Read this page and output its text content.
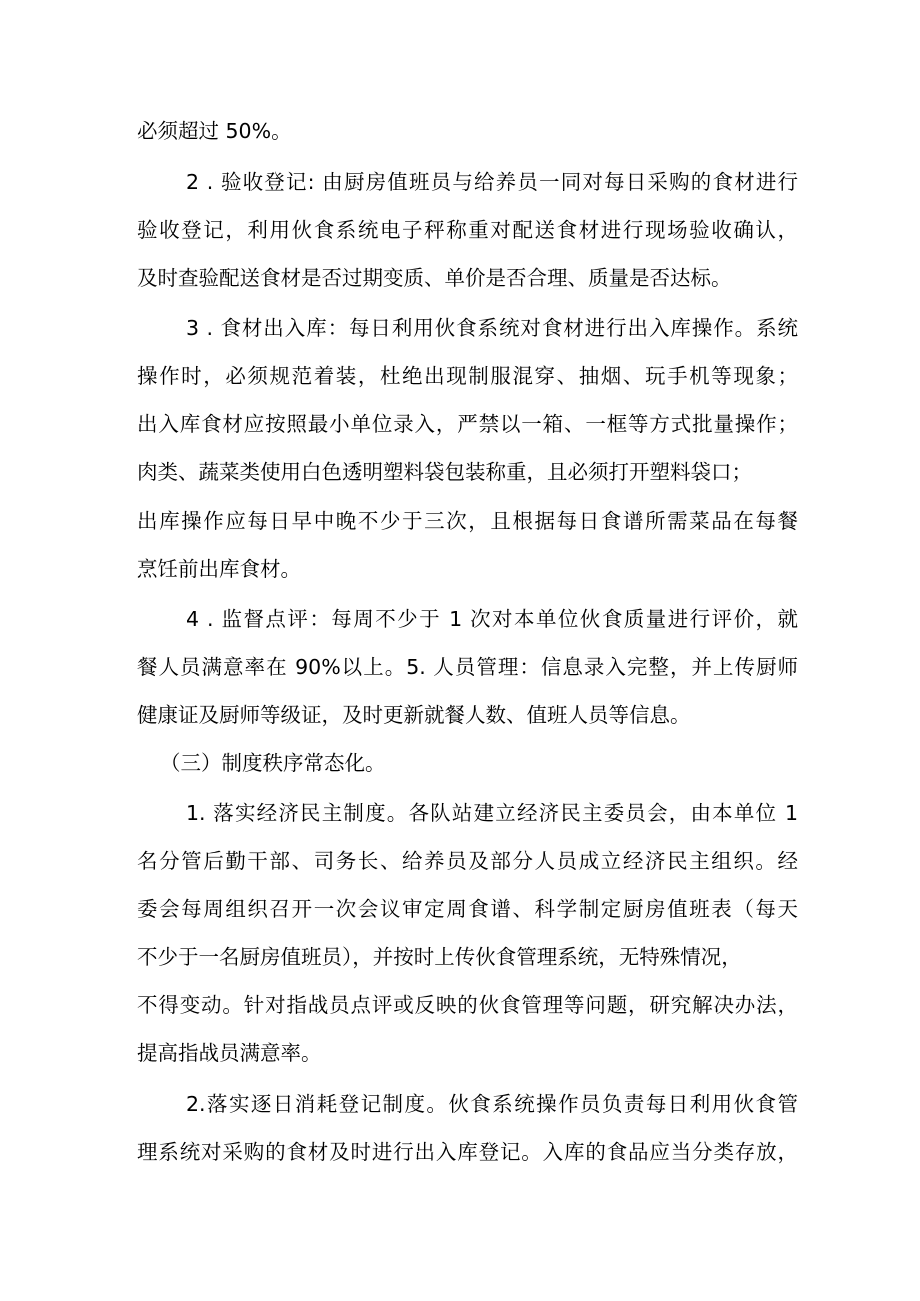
必须超过 50%。
2 . 验收登记: 由厨房值班员与给养员一同对每日采购的食材进行
验收登记，利用伙食系统电子秤称重对配送食材进行现场验收确认，
及时查验配送食材是否过期变质、单价是否合理、质量是否达标。
3 . 食材出入库：每日利用伙食系统对食材进行出入库操作。系统
操作时，必须规范着装，杜绝出现制服混穿、抽烟、玩手机等现象；
出入库食材应按照最小单位录入，严禁以一箱、一框等方式批量操作；
肉类、蔬菜类使用白色透明塑料袋包装称重，且必须打开塑料袋口；
出库操作应每日早中晚不少于三次，且根据每日食谱所需菜品在每餐
烹饪前出库食材。
4 . 监督点评：每周不少于 1 次对本单位伙食质量进行评价，就
餐人员满意率在 90%以上。5. 人员管理：信息录入完整，并上传厨师
健康证及厨师等级证，及时更新就餐人数、值班人员等信息。
（三）制度秩序常态化。
1. 落实经济民主制度。各队站建立经济民主委员会，由本单位 1
名分管后勤干部、司务长、给养员及部分人员成立经济民主组织。经
委会每周组织召开一次会议审定周食谱、科学制定厨房值班表（每天
不少于一名厨房值班员），并按时上传伙食管理系统，无特殊情况，
不得变动。针对指战员点评或反映的伙食管理等问题，研究解决办法，
提高指战员满意率。
2.落实逐日消耗登记制度。伙食系统操作员负责每日利用伙食管
理系统对采购的食材及时进行出入库登记。入库的食品应当分类存放，
